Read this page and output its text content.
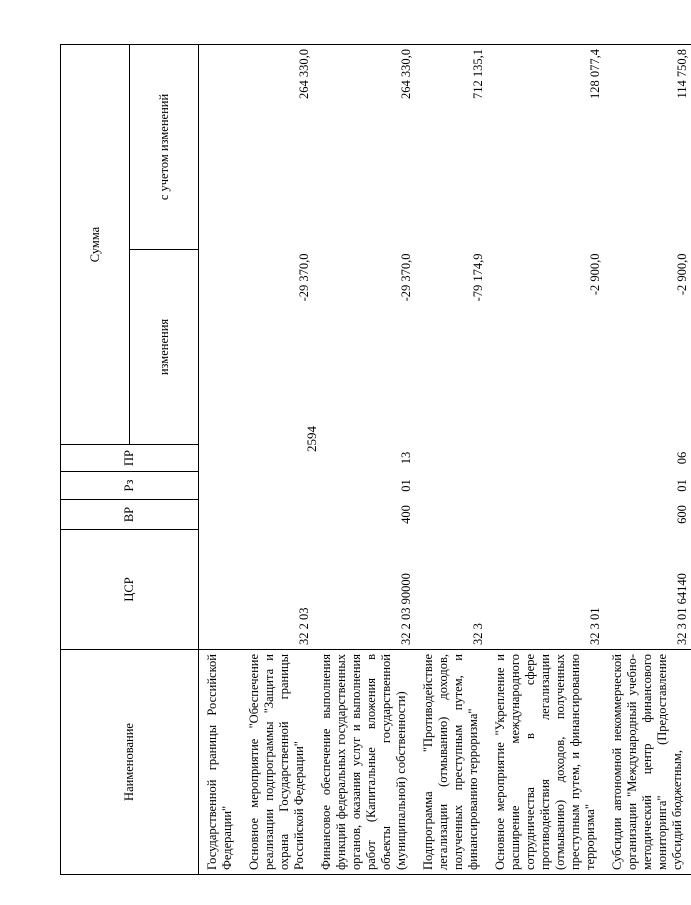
2594
Наименование	ЦСР	ВР	Рз	ПР	Сумма	
					изменения	с учетом изменений
Государственной границы Российской Федерации"						
Основное мероприятие "Обеспечение реализации подпрограммы "Защита и охрана Государственной границы Российской Федерации"	32 2 03				-29 370,0	264 330,0
Финансовое обеспечение выполнения функций федеральных государственных органов, оказания услуг и выполнения работ (Капитальные вложения в объекты государственной (муниципальной) собственности)	32 2 03 90000	400	01	13	-29 370,0	264 330,0
Подпрограмма "Противодействие легализации (отмыванию) доходов, полученных преступным путем, и финансированию терроризма"	32 3				-79 174,9	712 135,1
Основное мероприятие "Укрепление и расширение международного сотрудничества в сфере противодействия легализации (отмыванию) доходов, полученных преступным путем, и финансированию терроризма"	32 3 01				-2 900,0	128 077,4
Субсидии автономной некоммерческой организации "Международный учебно-методический центр финансового мониторинга" (Предоставление субсидий бюджетным,	32 3 01 64140	600	01	06	-2 900,0	114 750,8
